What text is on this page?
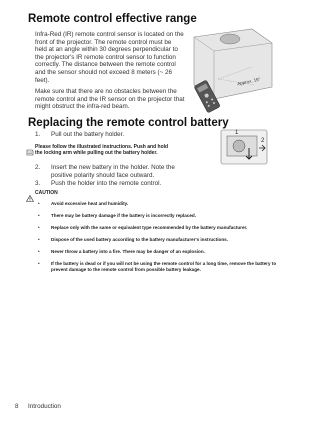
Remote control effective range
Infra-Red (IR) remote control sensor is located on the front of the projector. The remote control must be held at an angle within 30 degrees perpendicular to the projector's IR remote control sensor to function correctly. The distance between the remote control and the sensor should not exceed 8 meters (~ 26 feet).
Make sure that there are no obstacles between the remote control and the IR sensor on the projector that might obstruct the infra-red beam.
Approx. 15°
Replacing the remote control battery
1. Pull out the battery holder.
Please follow the illustrated instructions. Push and hold the locking arm while pulling out the battery holder.
2
1
2. Insert the new battery in the holder. Note the positive polarity should face outward.
3. Push the holder into the remote control.
CAUTION
• Avoid excessive heat and humidity.
• There may be battery damage if the battery is incorrectly replaced.
• Replace only with the same or equivalent type recommended by the battery manufacturer.
• Dispose of the used battery according to the battery manufacturer's instructions.
• Never throw a battery into a fire. There may be danger of an explosion.
• If the battery is dead or if you will not be using the remote control for a long time, remove the battery to prevent damage to the remote control from possible battery leakage.
8 Introduction
